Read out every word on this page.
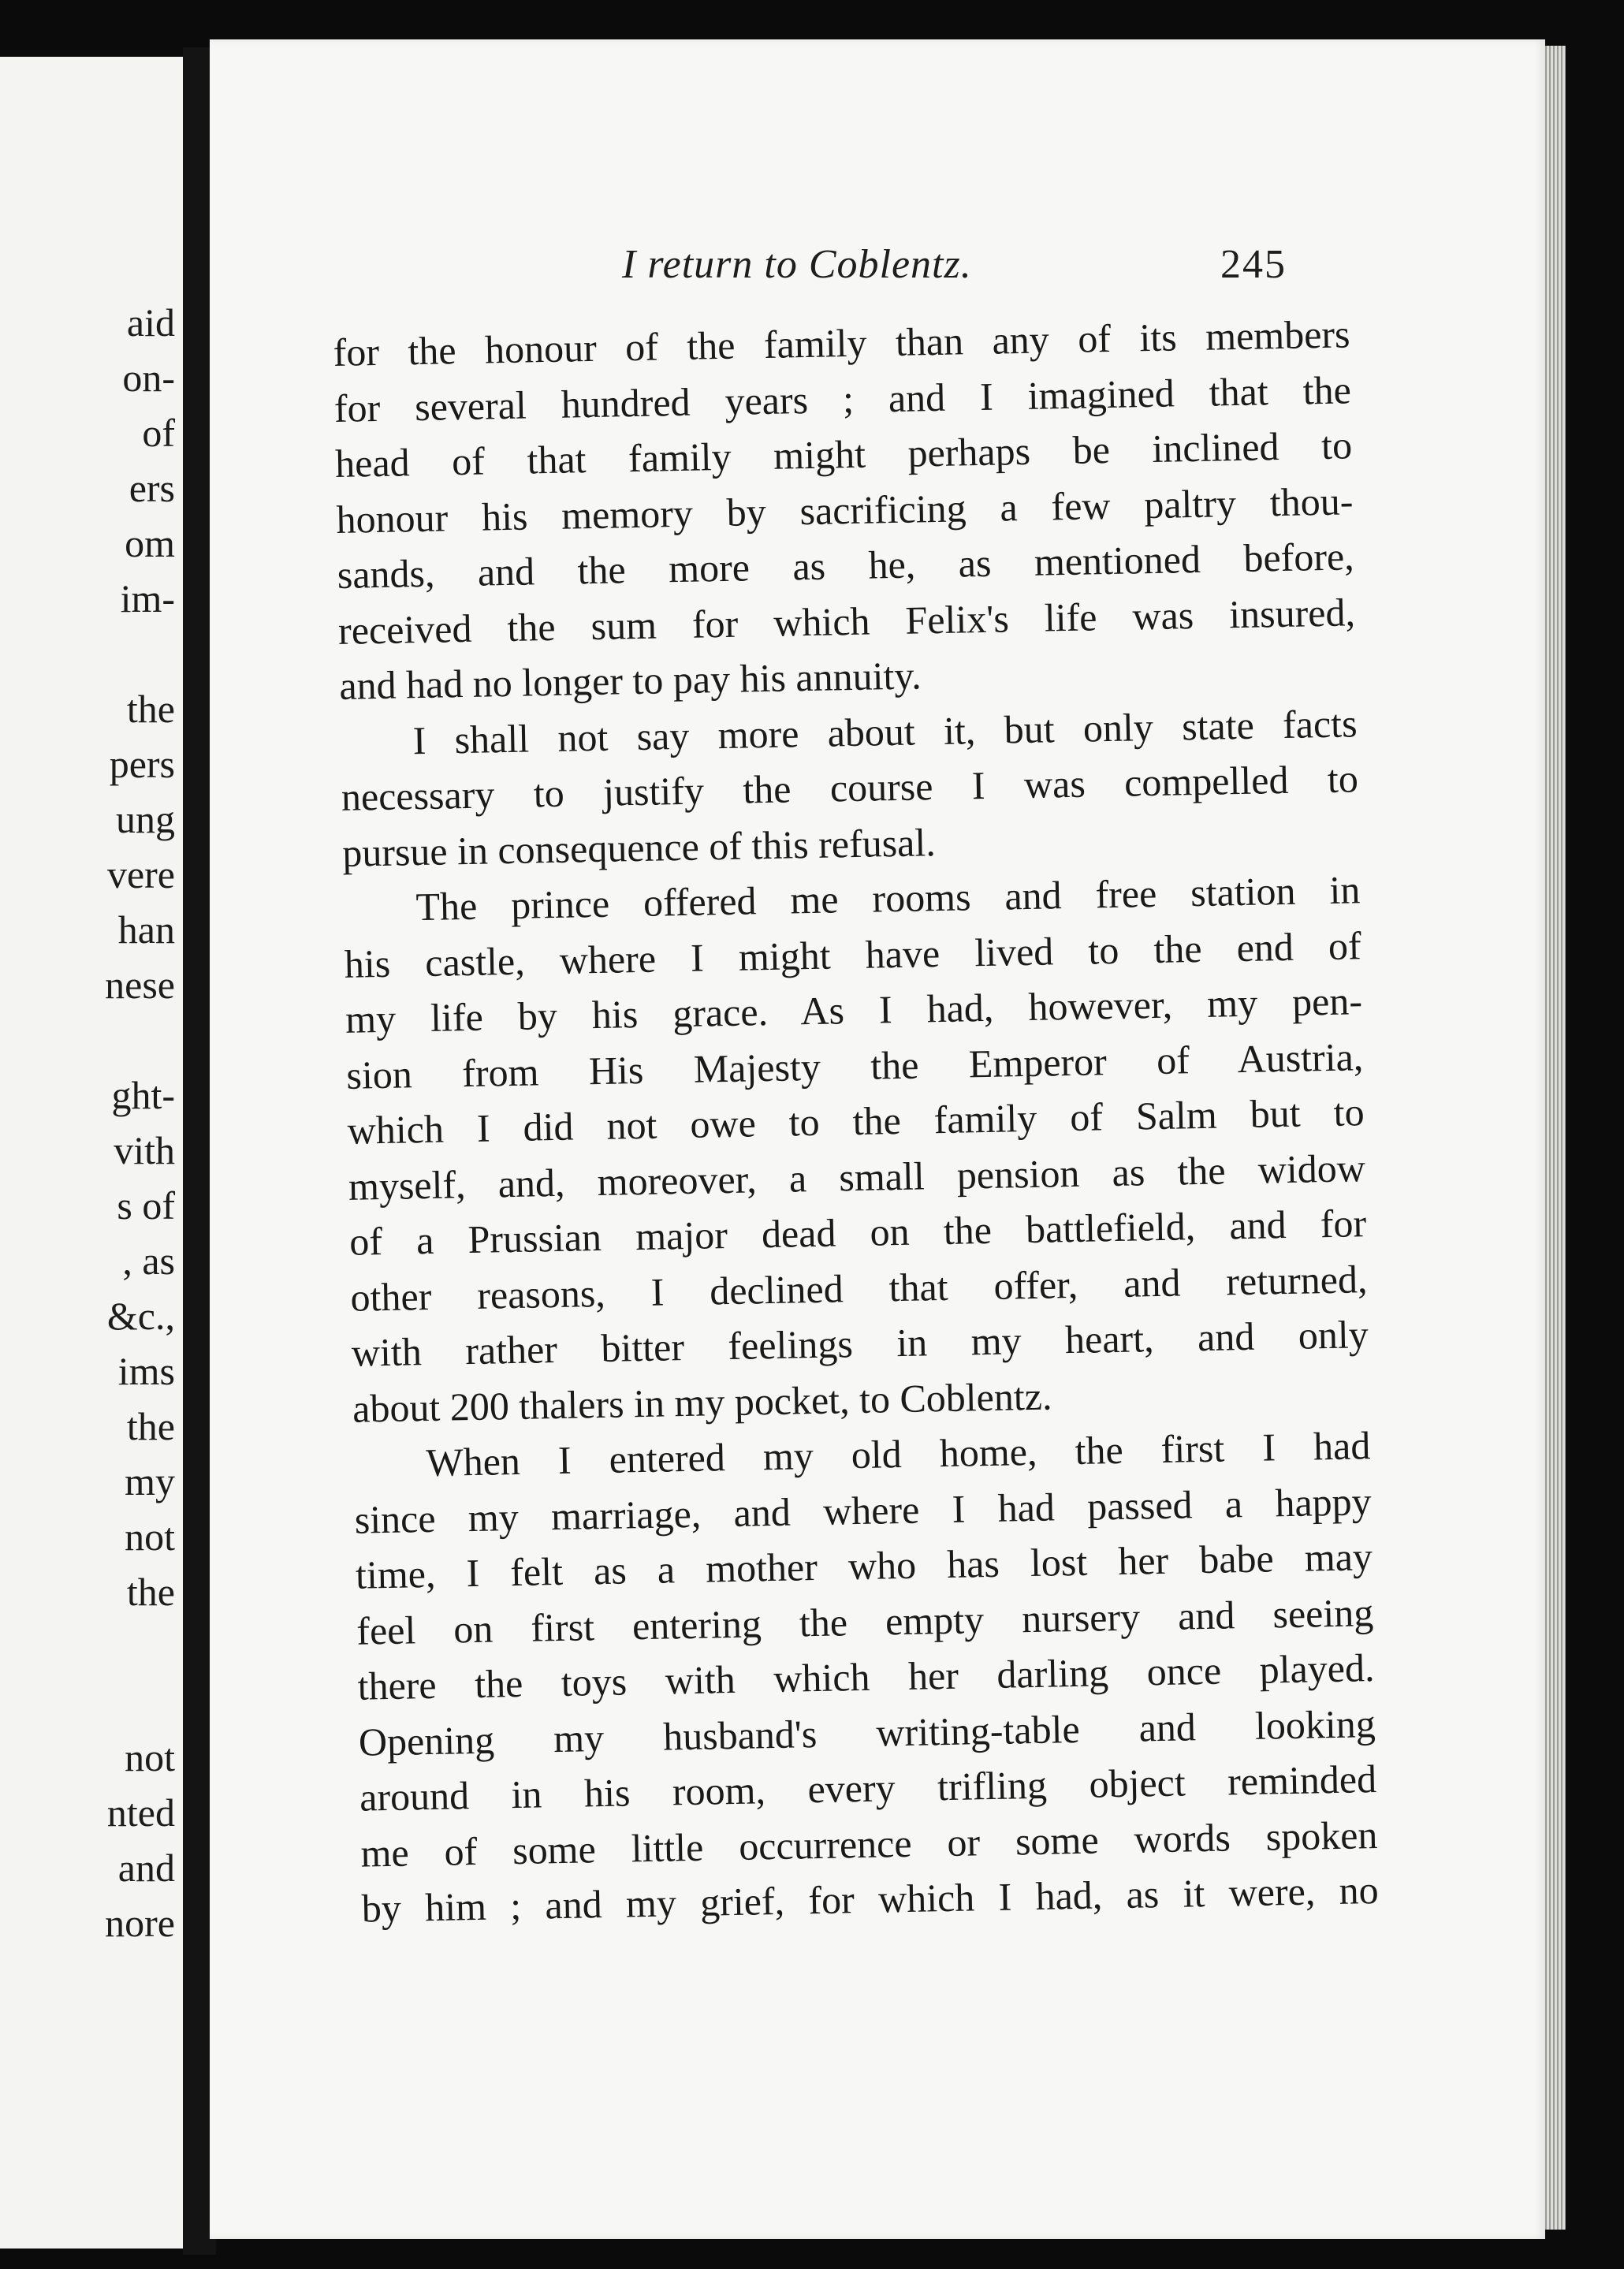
aid
on-
of
ers
om
im-
the
pers
ung
vere
han
nese
ght-
vith
s of
, as
&c.,
ims
the
my
not
the
not
nted
and
nore
I return to Coblentz.	245
for the honour of the family than any of its members
for several hundred years ; and I imagined that the
head of that family might perhaps be inclined to
honour his memory by sacrificing a few paltry thou-
sands, and the more as he, as mentioned before,
received the sum for which Felix's life was insured,
and had no longer to pay his annuity.
I shall not say more about it, but only state facts
necessary to justify the course I was compelled to
pursue in consequence of this refusal.
The prince offered me rooms and free station in
his castle, where I might have lived to the end of
my life by his grace. As I had, however, my pen-
sion from His Majesty the Emperor of Austria,
which I did not owe to the family of Salm but to
myself, and, moreover, a small pension as the widow
of a Prussian major dead on the battlefield, and for
other reasons, I declined that offer, and returned,
with rather bitter feelings in my heart, and only
about 200 thalers in my pocket, to Coblentz.
When I entered my old home, the first I had
since my marriage, and where I had passed a happy
time, I felt as a mother who has lost her babe may
feel on first entering the empty nursery and seeing
there the toys with which her darling once played.
Opening my husband's writing-table and looking
around in his room, every trifling object reminded
me of some little occurrence or some words spoken
by him ; and my grief, for which I had, as it were, no
